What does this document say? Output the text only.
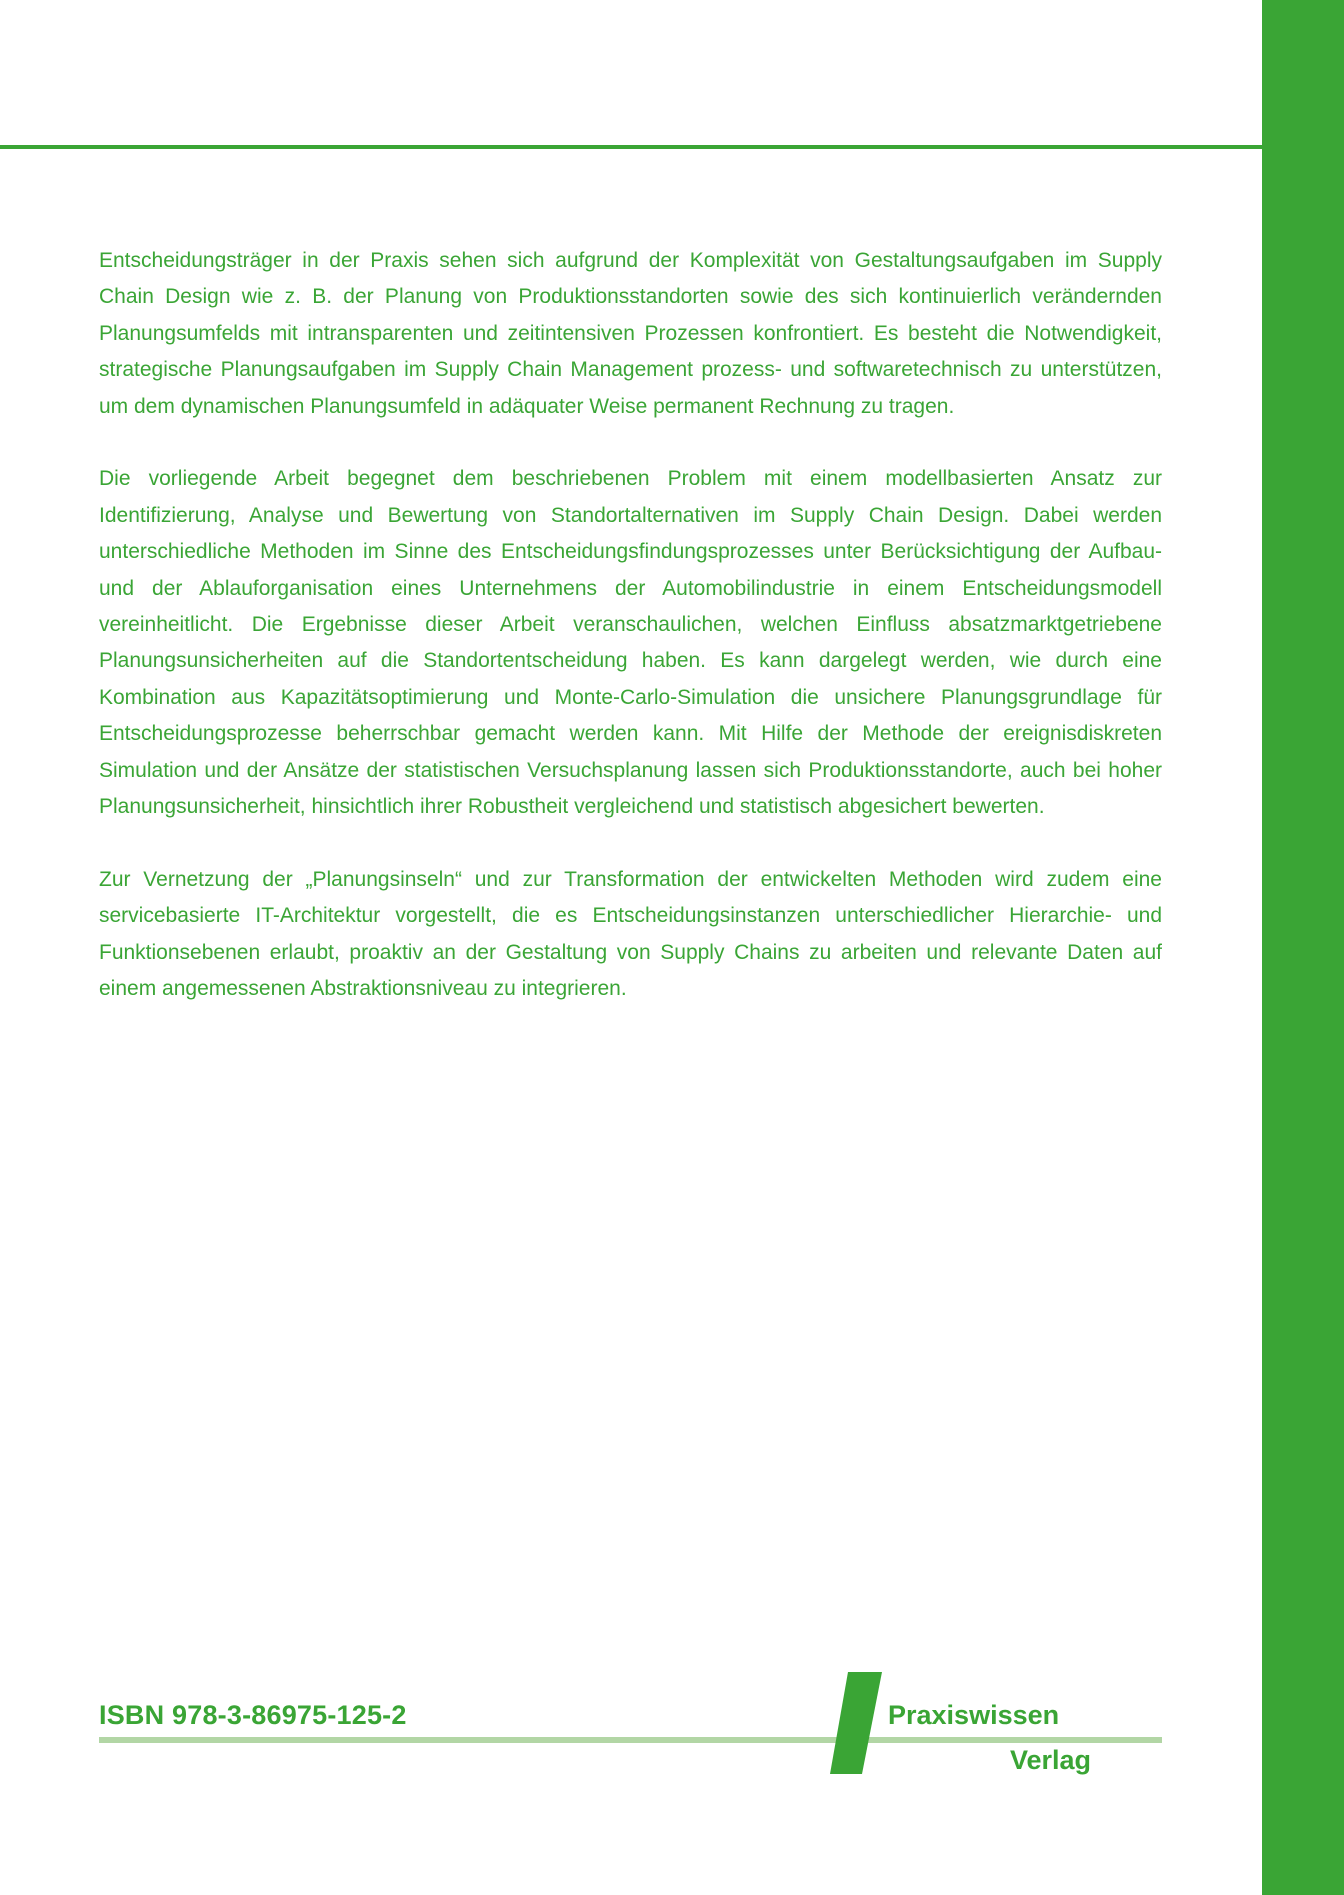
Entscheidungsträger in der Praxis sehen sich aufgrund der Komplexität von Gestaltungsaufgaben im Supply Chain Design wie z. B. der Planung von Produktionsstandorten sowie des sich kontinuierlich verändernden Planungsumfelds mit intransparenten und zeitintensiven Prozessen konfrontiert. Es besteht die Notwendigkeit, strategische Planungsaufgaben im Supply Chain Management prozess- und softwaretechnisch zu unterstützen, um dem dynamischen Planungsumfeld in adäquater Weise permanent Rechnung zu tragen.

Die vorliegende Arbeit begegnet dem beschriebenen Problem mit einem modellbasierten Ansatz zur Identifizierung, Analyse und Bewertung von Standortalternativen im Supply Chain Design. Dabei werden unterschiedliche Methoden im Sinne des Entscheidungsfindungsprozesses unter Berücksichtigung der Aufbau- und der Ablauforganisation eines Unternehmens der Automobilindustrie in einem Entscheidungsmodell vereinheitlicht. Die Ergebnisse dieser Arbeit veranschaulichen, welchen Einfluss absatzmarktgetriebene Planungsunsicherheiten auf die Standortentscheidung haben. Es kann dargelegt werden, wie durch eine Kombination aus Kapazitätsoptimierung und Monte-Carlo-Simulation die unsichere Planungsgrundlage für Entscheidungsprozesse beherrschbar gemacht werden kann. Mit Hilfe der Methode der ereignisdiskreten Simulation und der Ansätze der statistischen Versuchsplanung lassen sich Produktionsstandorte, auch bei hoher Planungsunsicherheit, hinsichtlich ihrer Robustheit vergleichend und statistisch abgesichert bewerten.

Zur Vernetzung der „Planungsinseln“ und zur Transformation der entwickelten Methoden wird zudem eine servicebasierte IT-Architektur vorgestellt, die es Entscheidungsinstanzen unterschiedlicher Hierarchie- und Funktionsebenen erlaubt, proaktiv an der Gestaltung von Supply Chains zu arbeiten und relevante Daten auf einem angemessenen Abstraktionsniveau zu integrieren.

ISBN 978-3-86975-125-2	Praxiswissen
Verlag
